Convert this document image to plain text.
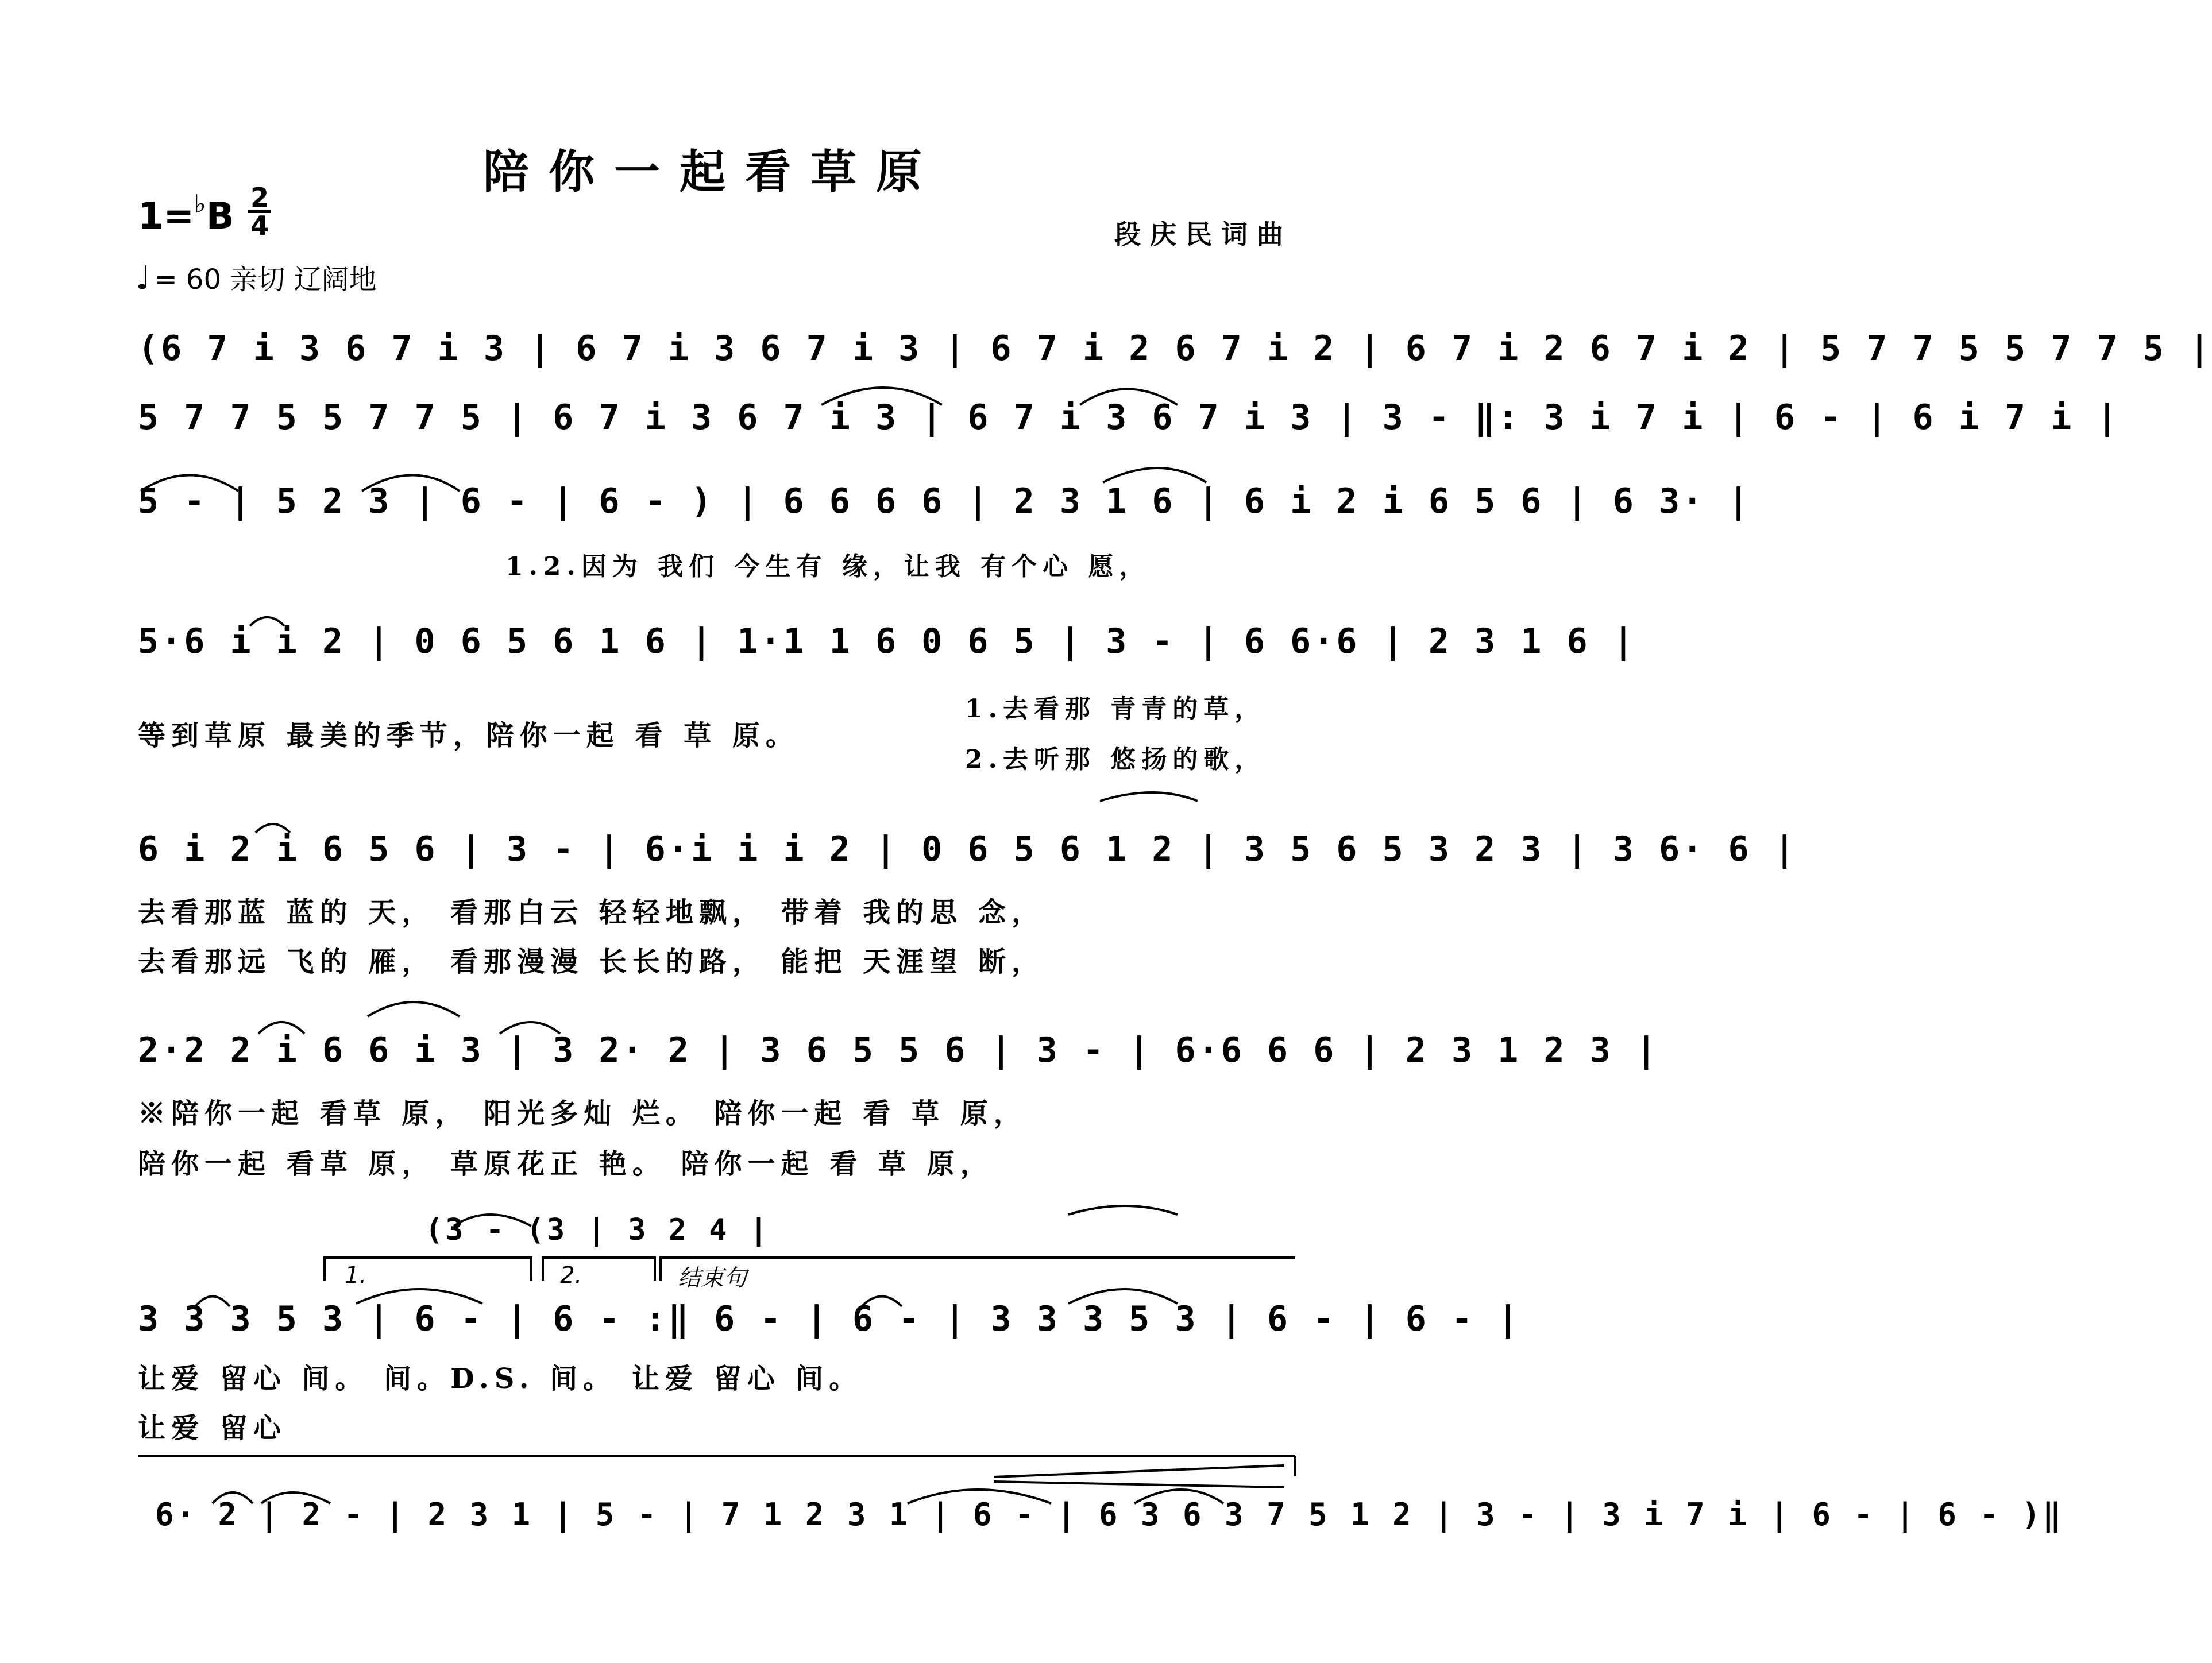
陪你一起看草原
1=♭B 2
4	段庆民词曲
♩ = 60 亲切 辽阔地
(6 7 i 3 6 7 i 3 | 6 7 i 3 6 7 i 3 | 6 7 i 2 6 7 i 2 | 6 7 i 2 6 7 i 2 | 5 7 7 5 5 7 7 5 |
5 7 7 5 5 7 7 5 | 6 7 i 3 6 7 i 3 | 6 7 i 3 6 7 i 3 | 3 - ‖: 3 i 7 i | 6 - | 6 i 7 i |
5 - | 5 2 3 | 6 - | 6 - ) | 6 6 6 6 | 2 3 1 6 | 6 i 2 i 6 5 6 | 6 3· |
1.2.因为 我们 今生有 缘，让我 有个心 愿，
5·6 i i 2 | 0 6 5 6 1 6 | 1·1 1 6 0 6 5 | 3 - | 6 6·6 | 2 3 1 6 |
等到草原 最美的季节，陪你一起 看 草 原。
1.去看那 青青的草，
2.去听那 悠扬的歌，
6 i 2 i 6 5 6 | 3 - | 6·i i i 2 | 0 6 5 6 1 2 | 3 5 6 5 3 2 3 | 3 6· 6 |
去看那蓝 蓝的 天， 看那白云 轻轻地飘， 带着 我的思 念，
去看那远 飞的 雁， 看那漫漫 长长的路， 能把 天涯望 断，
2·2 2 i 6 6 i 3 | 3 2· 2 | 3 6 5 5 6 | 3 - | 6·6 6 6 | 2 3 1 2 3 |
※陪你一起 看草 原， 阳光多灿 烂。 陪你一起 看 草 原，
陪你一起 看草 原， 草原花正 艳。 陪你一起 看 草 原，
(3 - (3 | 3 2 4 |
1.	2.	结束句
3 3 3 5 3 | 6 - | 6 - :‖ 6 - | 6 - | 3 3 3 5 3 | 6 - | 6 - |
让爱 留心 间。 间。D.S. 间。 让爱 留心 间。
让爱 留心
6· 2 | 2 - | 2 3 1 | 5 - | 7 1 2 3 1 | 6 - | 6 3 6 3 7 5 1 2 | 3 - | 3 i 7 i | 6 - | 6 - )‖
